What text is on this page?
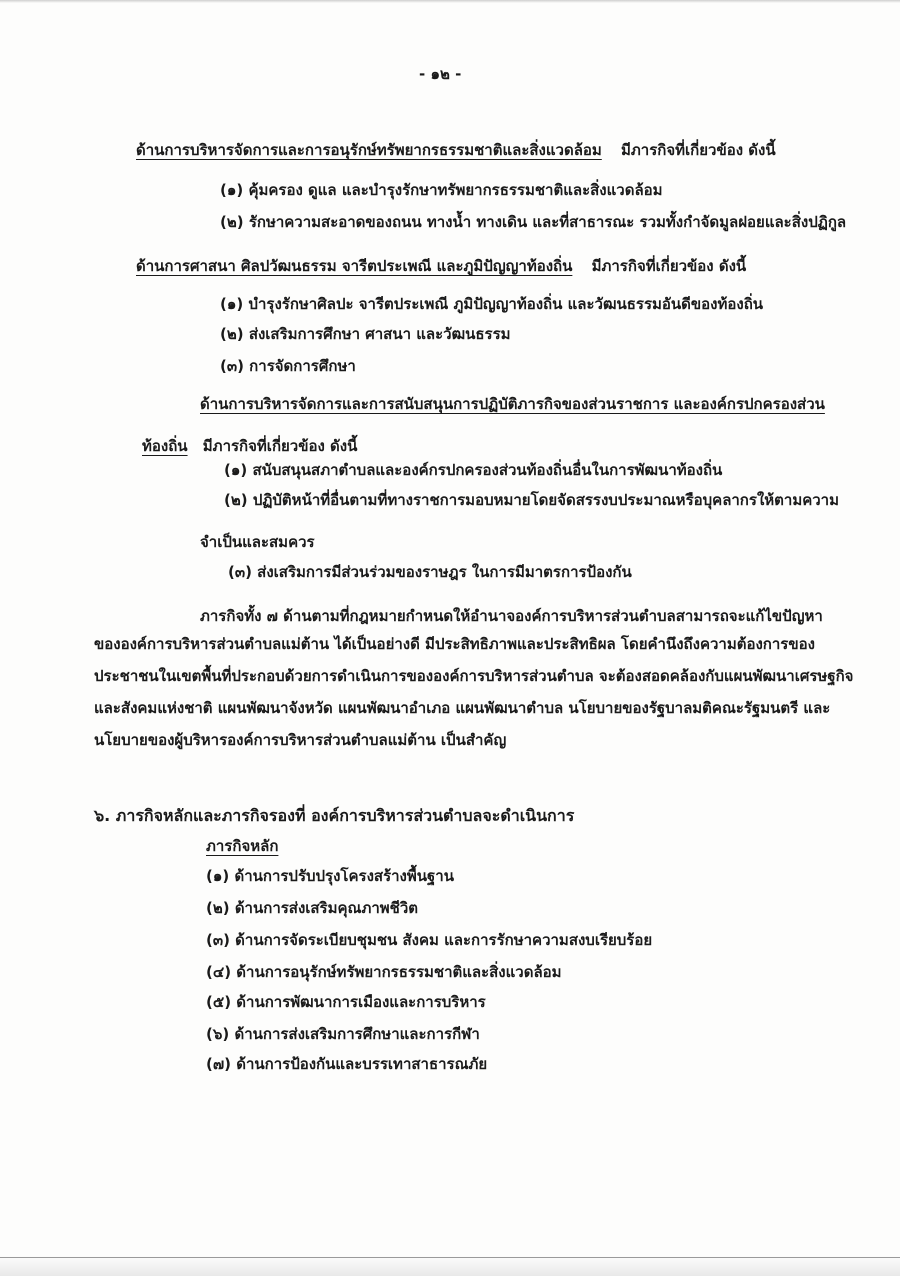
- ๑๒ -
ด้านการบริหารจัดการและการอนุรักษ์ทรัพยากรธรรมชาติและสิ่งแวดล้อม มีภารกิจที่เกี่ยวข้อง ดังนี้
(๑) คุ้มครอง ดูแล และบำรุงรักษาทรัพยากรธรรมชาติและสิ่งแวดล้อม
(๒) รักษาความสะอาดของถนน ทางน้ำ ทางเดิน และที่สาธารณะ รวมทั้งกำจัดมูลฝอยและสิ่งปฏิกูล
ด้านการศาสนา ศิลปวัฒนธรรม จารีตประเพณี และภูมิปัญญาท้องถิ่น มีภารกิจที่เกี่ยวข้อง ดังนี้
(๑) บำรุงรักษาศิลปะ จารีตประเพณี ภูมิปัญญาท้องถิ่น และวัฒนธรรมอันดีของท้องถิ่น
(๒) ส่งเสริมการศึกษา ศาสนา และวัฒนธรรม
(๓) การจัดการศึกษา
ด้านการบริหารจัดการและการสนับสนุนการปฏิบัติภารกิจของส่วนราชการ และองค์กรปกครองส่วน
ท้องถิ่น มีภารกิจที่เกี่ยวข้อง ดังนี้
(๑) สนับสนุนสภาตำบลและองค์กรปกครองส่วนท้องถิ่นอื่นในการพัฒนาท้องถิ่น
(๒) ปฏิบัติหน้าที่อื่นตามที่ทางราชการมอบหมายโดยจัดสรรงบประมาณหรือบุคลากรให้ตามความ
จำเป็นและสมควร
(๓) ส่งเสริมการมีส่วนร่วมของราษฎร ในการมีมาตรการป้องกัน
ภารกิจทั้ง ๗ ด้านตามที่กฎหมายกำหนดให้อำนาจองค์การบริหารส่วนตำบลสามารถจะแก้ไขปัญหา
ขององค์การบริหารส่วนตำบลแม่ต้าน ได้เป็นอย่างดี มีประสิทธิภาพและประสิทธิผล โดยคำนึงถึงความต้องการของ
ประชาชนในเขตพื้นที่ประกอบด้วยการดำเนินการขององค์การบริหารส่วนตำบล จะต้องสอดคล้องกับแผนพัฒนาเศรษฐกิจ
และสังคมแห่งชาติ แผนพัฒนาจังหวัด แผนพัฒนาอำเภอ แผนพัฒนาตำบล นโยบายของรัฐบาลมติคณะรัฐมนตรี และ
นโยบายของผู้บริหารองค์การบริหารส่วนตำบลแม่ต้าน เป็นสำคัญ
๖. ภารกิจหลักและภารกิจรองที่ องค์การบริหารส่วนตำบลจะดำเนินการ
ภารกิจหลัก
(๑) ด้านการปรับปรุงโครงสร้างพื้นฐาน
(๒) ด้านการส่งเสริมคุณภาพชีวิต
(๓) ด้านการจัดระเบียบชุมชน สังคม และการรักษาความสงบเรียบร้อย
(๔) ด้านการอนุรักษ์ทรัพยากรธรรมชาติและสิ่งแวดล้อม
(๕) ด้านการพัฒนาการเมืองและการบริหาร
(๖) ด้านการส่งเสริมการศึกษาและการกีฬา
(๗) ด้านการป้องกันและบรรเทาสาธารณภัย
